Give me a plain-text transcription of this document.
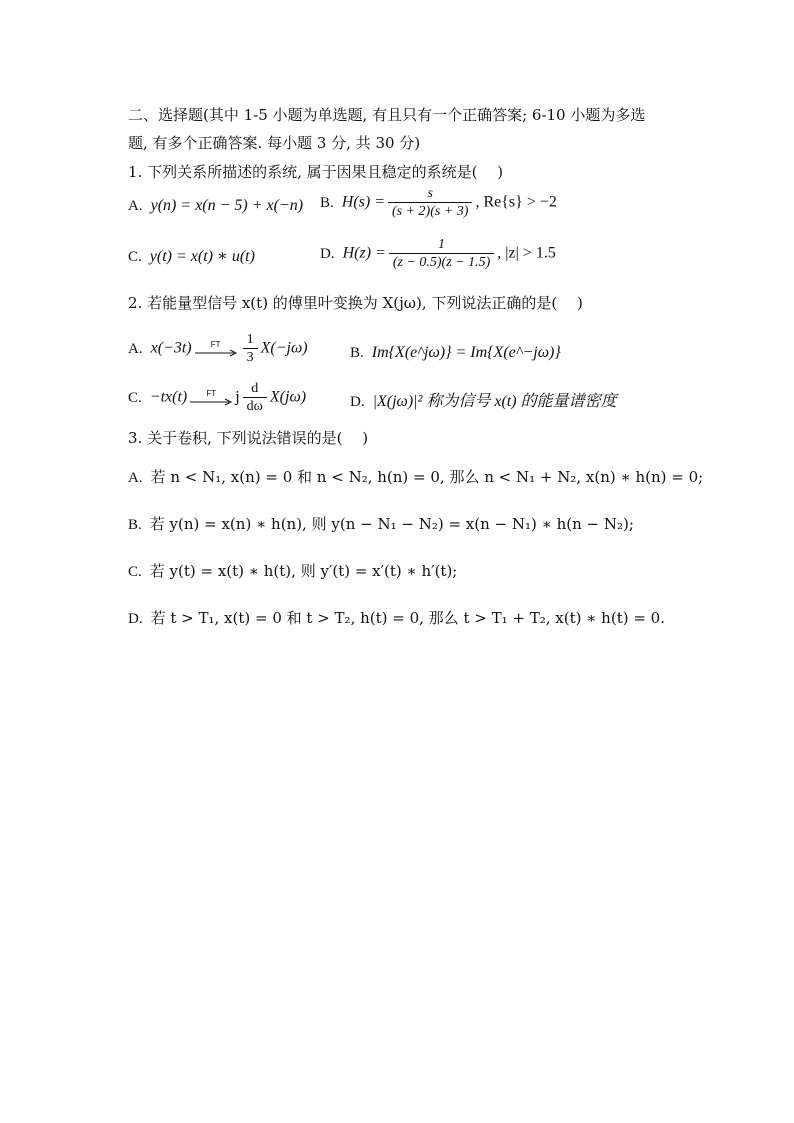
二、选择题(其中 1-5 小题为单选题, 有且只有一个正确答案; 6-10 小题为多选
题, 有多个正确答案. 每小题 3 分, 共 30 分)
1. 下列关系所描述的系统, 属于因果且稳定的系统是(　 )
A. y(n) = x(n − 5) + x(−n) B. $H(s) = \frac{s}{(s + 2)(s + 3)}$ , Re{s} > −2
C. y(t) = x(t) ∗ u(t)	D. $H(z) = \frac{1}{(z - 0.5)(z - 1.5)}$ , |z| > 1.5
2. 若能量型信号 x(t) 的傅里叶变换为 X(jω), 下列说法正确的是(　 )
A. x(−3t) FT $\frac{1}{3} X(-j\omega)$	B. Im{X(e^jω)} = Im{X(e^−jω)}
C. −tx(t) FT j $\frac{d}{d\omega} X(j\omega)$	D. |X(jω)|² 称为信号 x(t) 的能量谱密度
3. 关于卷积, 下列说法错误的是(　 )
A. 若 n < N₁, x(n) = 0 和 n < N₂, h(n) = 0, 那么 n < N₁ + N₂, x(n) ∗ h(n) = 0;
B. 若 y(n) = x(n) ∗ h(n), 则 y(n − N₁ − N₂) = x(n − N₁) ∗ h(n − N₂);
C. 若 y(t) = x(t) ∗ h(t), 则 y′(t) = x′(t) ∗ h′(t);
D. 若 t > T₁, x(t) = 0 和 t > T₂, h(t) = 0, 那么 t > T₁ + T₂, x(t) ∗ h(t) = 0.
